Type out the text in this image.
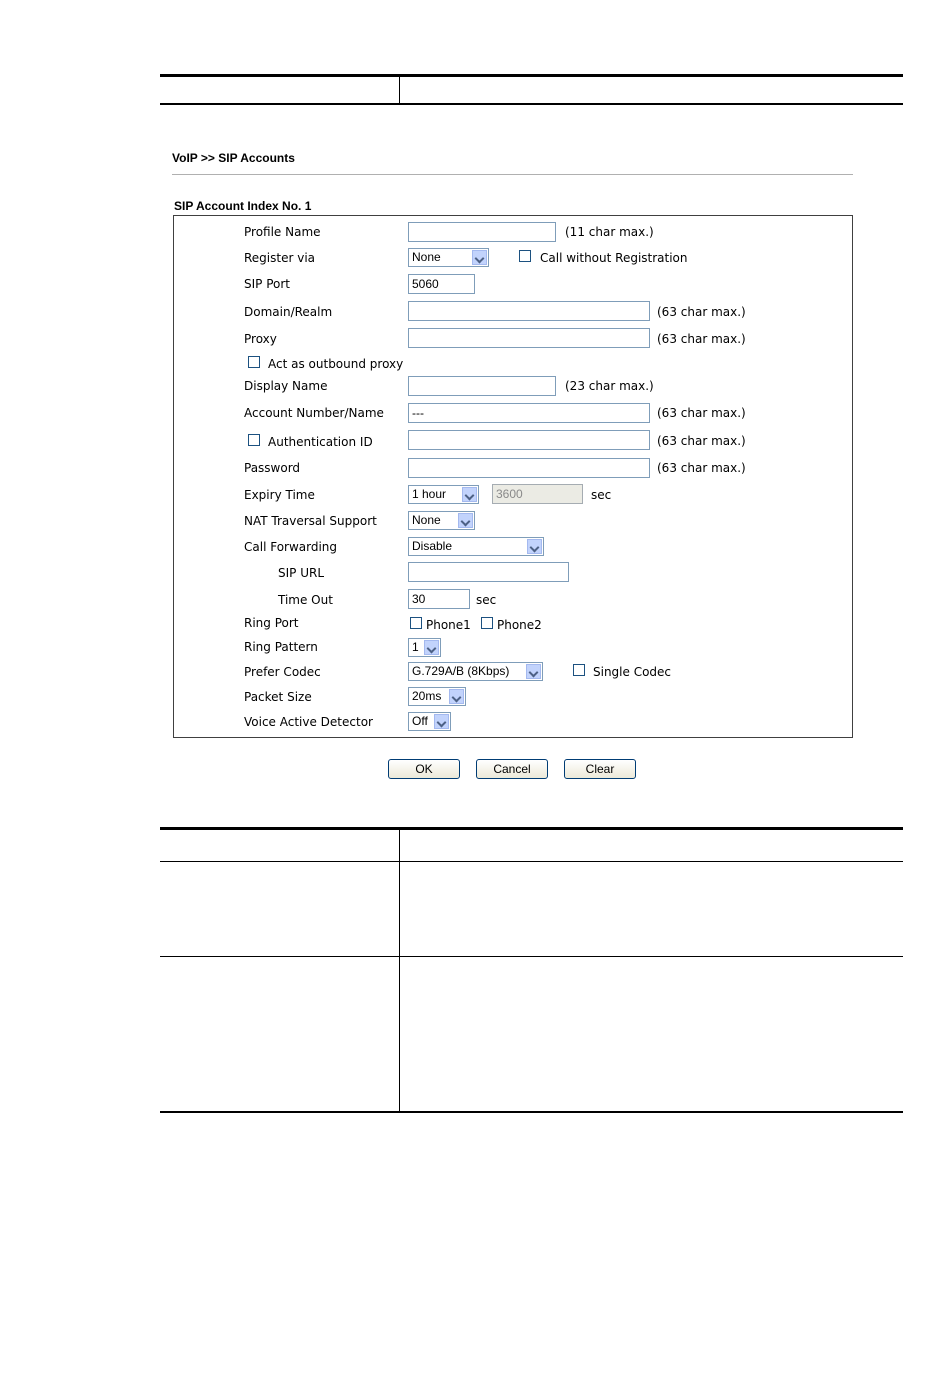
VoIP >> SIP Accounts
SIP Account Index No. 1
Profile Name	(11 char max.)
Register via	None	Call without Registration
SIP Port	5060
Domain/Realm	(63 char max.)
Proxy	(63 char max.)
Act as outbound proxy
Display Name	(23 char max.)
Account Number/Name	---	(63 char max.)
Authentication ID	(63 char max.)
Password	(63 char max.)
Expiry Time	1 hour	3600	sec
NAT Traversal Support	None
Call Forwarding	Disable
SIP URL
Time Out	30	sec
Ring Port	Phone1 Phone2
Ring Pattern	1
Prefer Codec	G.729A/B (8Kbps)	Single Codec
Packet Size	20ms
Voice Active Detector	Off
OK	Cancel	Clear
